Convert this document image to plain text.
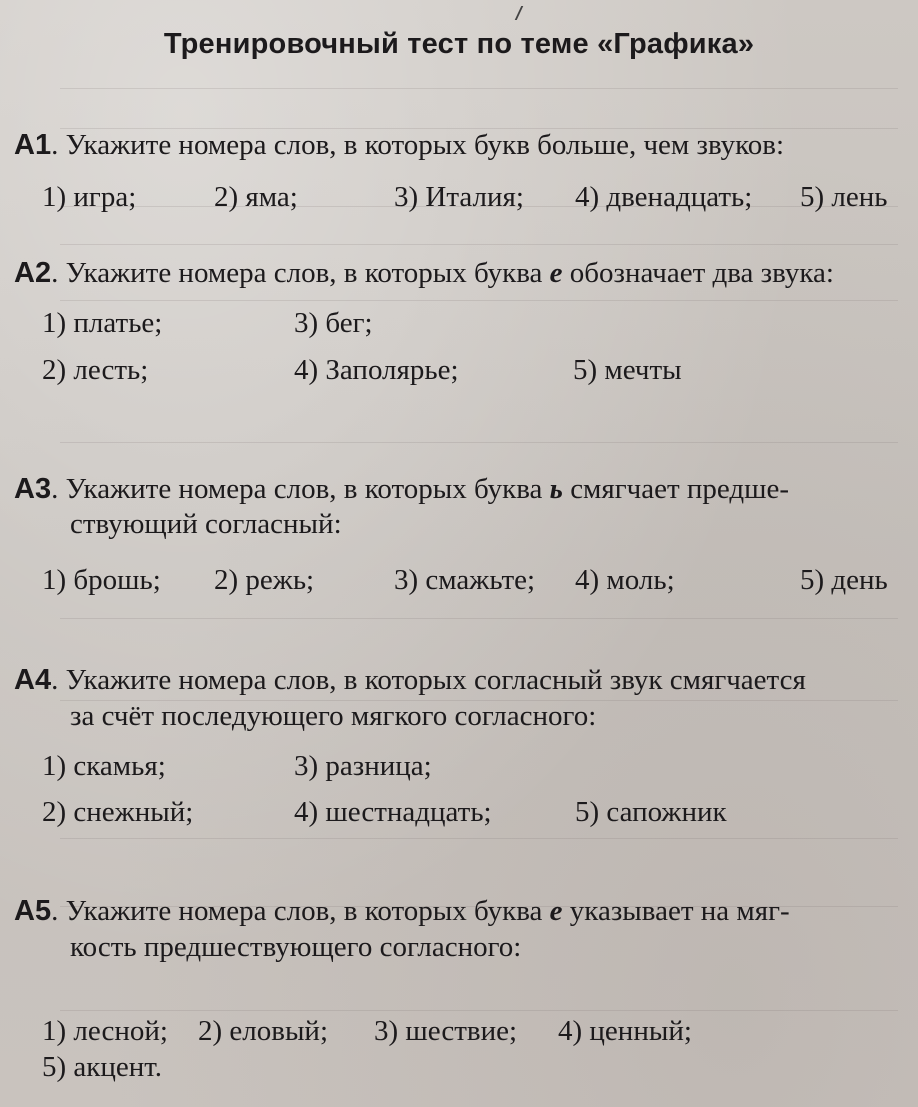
Тренировочный тест по теме «Графика»
А1. Укажите номера слов, в которых букв больше, чем звуков:
1) игра;	2) яма;	3) Италия; 4) двенадцать; 5) лень
А2. Укажите номера слов, в которых буква е обозначает два звука:
1) платье;	3) бег;
2) лесть;	4) Заполярье;	5) мечты
А3. Укажите номера слов, в которых буква ь смягчает предше-
ствующий согласный:
1) брошь; 2) режь;	3) смажьте; 4) моль;	5) день
А4. Укажите номера слов, в которых согласный звук смягчается
за счёт последующего мягкого согласного:
1) скамья;	3) разница;
2) снежный;	4) шестнадцать;	5) сапожник
А5. Укажите номера слов, в которых буква е указывает на мяг-
кость предшествующего согласного:
1) лесной; 2) еловый; 3) шествие; 4) ценный;
5) акцент.
